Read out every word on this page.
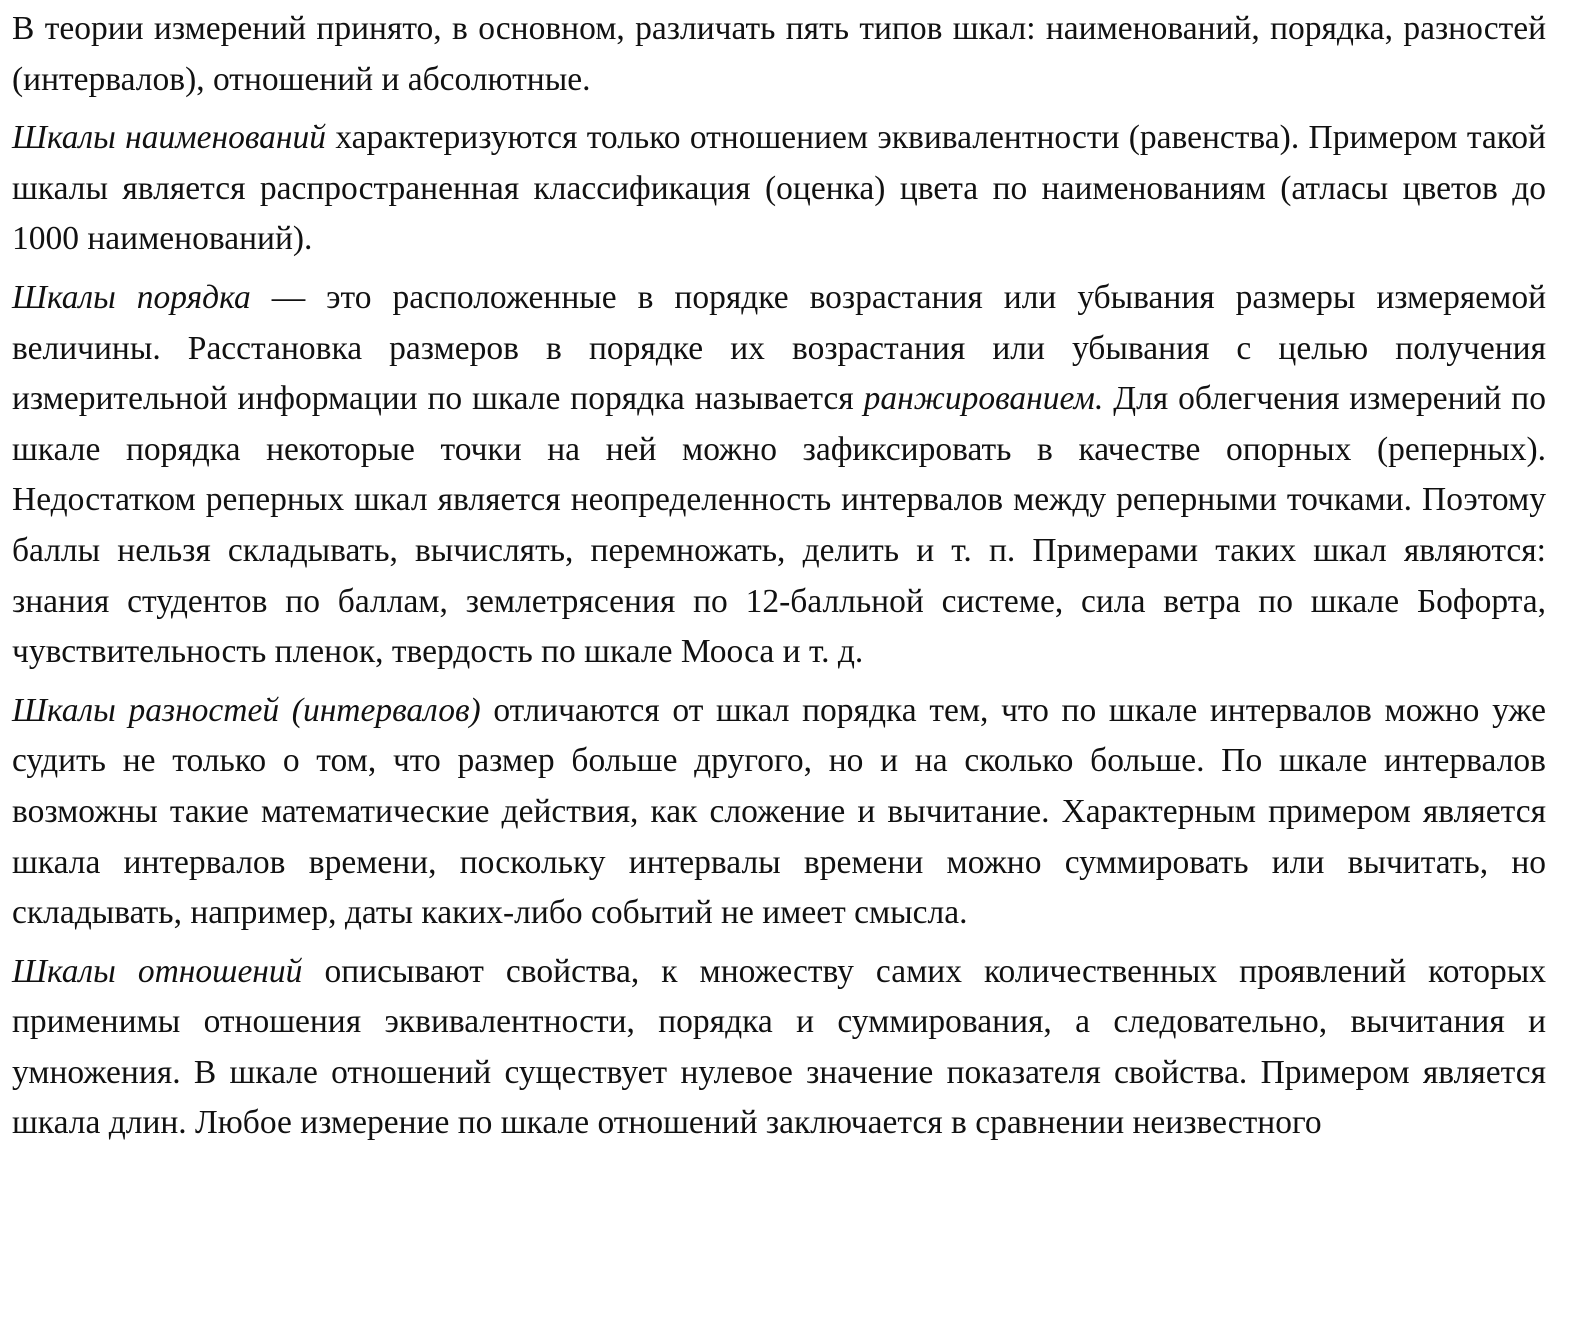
В теории измерений принято, в основном, различать пять типов шкал: наименований, порядка, разностей (интервалов), отношений и абсолютные.

Шкалы наименований характеризуются только отношением эквивалентности (равенства). Примером такой шкалы является распространенная классификация (оценка) цвета по наименованиям (атласы цветов до 1000 наименований).

Шкалы порядка — это расположенные в порядке возрастания или убывания размеры измеряемой величины. Расстановка размеров в порядке их возрастания или убывания с целью получения измерительной информации по шкале порядка называется ранжированием. Для облегчения измерений по шкале порядка некоторые точки на ней можно зафиксировать в качестве опорных (реперных). Недостатком реперных шкал является неопределенность интервалов между реперными точками. Поэтому баллы нельзя складывать, вычислять, перемножать, делить и т. п. Примерами таких шкал являются: знания студентов по баллам, землетрясения по 12-балльной системе, сила ветра по шкале Бофорта, чувствительность пленок, твердость по шкале Мооса и т. д.

Шкалы разностей (интервалов) отличаются от шкал порядка тем, что по шкале интервалов можно уже судить не только о том, что размер больше другого, но и на сколько больше. По шкале интервалов возможны такие математические действия, как сложение и вычитание. Характерным примером является шкала интервалов времени, поскольку интервалы времени можно суммировать или вычитать, но складывать, например, даты каких-либо событий не имеет смысла.

Шкалы отношений описывают свойства, к множеству самих количественных проявлений которых применимы отношения эквивалентности, порядка и суммирования, а следовательно, вычитания и умножения. В шкале отношений существует нулевое значение показателя свойства. Примером является шкала длин. Любое измерение по шкале отношений заключается в сравнении неизвестного
